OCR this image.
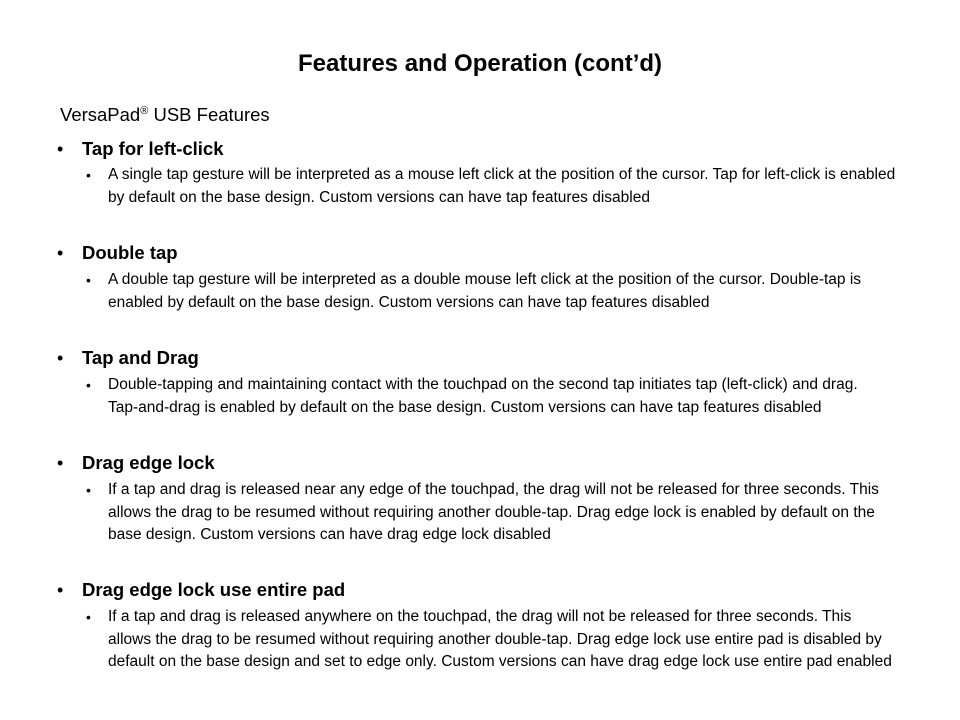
Features and Operation (cont’d)
VersaPad® USB Features
• Tap for left-click
• A single tap gesture will be interpreted as a mouse left click at the position of the cursor. Tap for left-click is enabled by default on the base design. Custom versions can have tap features disabled
• Double tap
• A double tap gesture will be interpreted as a double mouse left click at the position of the cursor. Double-tap is enabled by default on the base design. Custom versions can have tap features disabled
• Tap and Drag
• Double-tapping and maintaining contact with the touchpad on the second tap initiates tap (left-click) and drag. Tap-and-drag is enabled by default on the base design. Custom versions can have tap features disabled
• Drag edge lock
• If a tap and drag is released near any edge of the touchpad, the drag will not be released for three seconds. This allows the drag to be resumed without requiring another double-tap. Drag edge lock is enabled by default on the base design. Custom versions can have drag edge lock disabled
• Drag edge lock use entire pad
• If a tap and drag is released anywhere on the touchpad, the drag will not be released for three seconds. This allows the drag to be resumed without requiring another double-tap. Drag edge lock use entire pad is disabled by default on the base design and set to edge only. Custom versions can have drag edge lock use entire pad enabled
